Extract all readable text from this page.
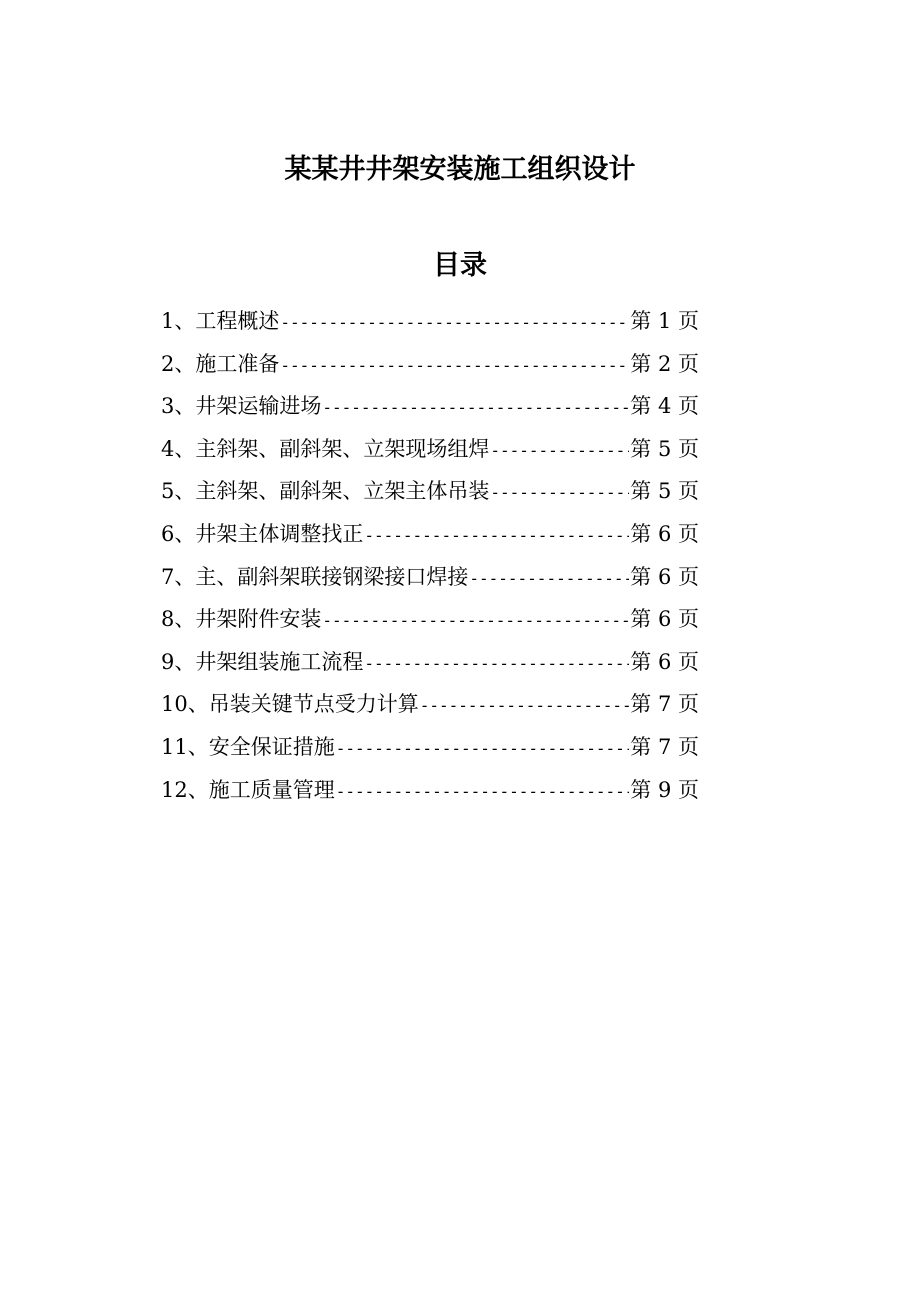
某某井井架安装施工组织设计
目录
1、 工程概述 -----	第 1 页
2、 施工准备 -----	第 2 页
3、 井架运输进场 -----	第 4 页
4、 主斜架、副斜架、立架现场组焊 -----	第 5 页
5、 主斜架、副斜架、立架主体吊装 -----	第 5 页
6、 井架主体调整找正 -----	第 6 页
7、 主、副斜架联接钢梁接口焊接 -----	第 6 页
8、 井架附件安装 -----	第 6 页
9、 井架组装施工流程 -----	第 6 页
10、 吊装关键节点受力计算 -----	第 7 页
11、 安全保证措施 -----	第 7 页
12、 施工质量管理 -----	第 9 页
